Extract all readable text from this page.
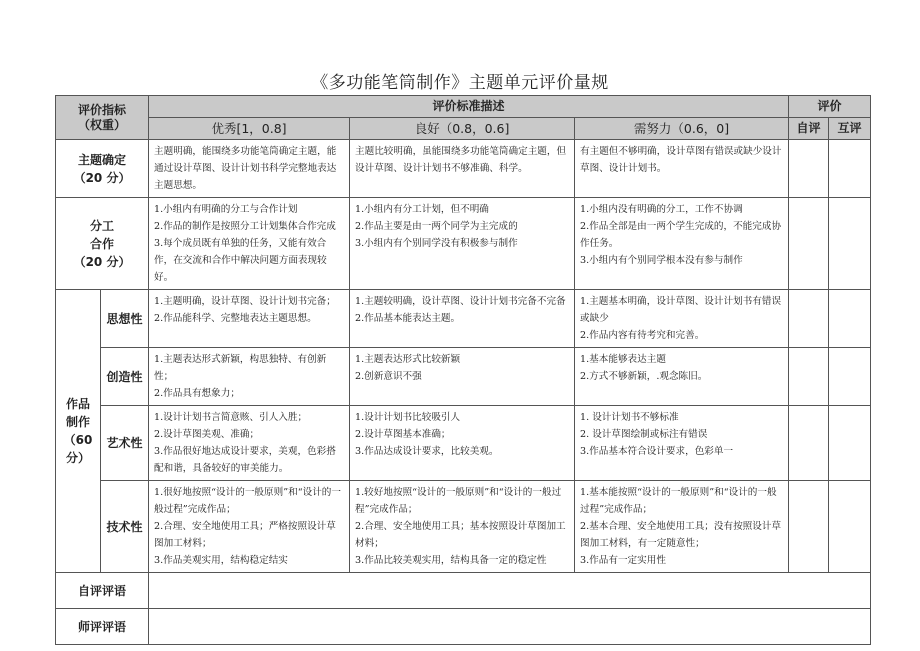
《多功能笔筒制作》主题单元评价量规
评价指标
（权重）		评价标准描述			评价	
		优秀[1，0.8]	良好（0.8，0.6]	需努力（0.6，0]	自评	互评

主题确定
（20 分）		主题明确，能围绕多功能笔筒确定主题，能通过设计草图、设计计划书科学完整地表达主题思想。	主题比较明确，虽能围绕多功能笔筒确定主题，但设计草图、设计计划书不够准确、科学。	有主题但不够明确，设计草图有错误或缺少设计草图、设计计划书。		

分工
合作
（20 分）		1.小组内有明确的分工与合作计划
2.作品的制作是按照分工计划集体合作完成
3.每个成员既有单独的任务，又能有效合作，在交流和合作中解决问题方面表现较好。	1.小组内有分工计划，但不明确
2.作品主要是由一两个同学为主完成的
3.小组内有个别同学没有积极参与制作	1.小组内没有明确的分工，工作不协调
2.作品全部是由一两个学生完成的，不能完成协作任务。
3.小组内有个别同学根本没有参与制作		

作品
制作
（60 分）	思想性	1.主题明确，设计草图、设计计划书完备；
2.作品能科学、完整地表达主题思想。	1.主题较明确，设计草图、设计计划书完备不完备
2.作品基本能表达主题。	1.主题基本明确，设计草图、设计计划书有错误或缺少
2.作品内容有待考究和完善。		

	创造性	1.主题表达形式新颖，构思独特、有创新性；
2.作品具有想象力；	1.主题表达形式比较新颖
2.创新意识不强	1.基本能够表达主题
2.方式不够新颖，.观念陈旧。		

	艺术性	1.设计计划书言简意赅、引人入胜；
2.设计草图美观、准确；
3.作品很好地达成设计要求，美观，色彩搭配和谐，具备较好的审美能力。	1.设计计划书比较吸引人
2.设计草图基本准确；
3.作品达成设计要求，比较美观。	1. 设计计划书不够标准
2. 设计草图绘制或标注有错误
3.作品基本符合设计要求，色彩单一		

	技术性	1.很好地按照“设计的一般原则”和“设计的一般过程”完成作品；
2.合理、安全地使用工具；严格按照设计草图加工材料；
3.作品美观实用，结构稳定结实	1.较好地按照“设计的一般原则”和“设计的一般过程”完成作品；
2.合理、安全地使用工具；基本按照设计草图加工材料；
3.作品比较美观实用，结构具备一定的稳定性	1.基本能按照“设计的一般原则”和“设计的一般过程”完成作品；
2.基本合理、安全地使用工具；没有按照设计草图加工材料，有一定随意性；
3.作品有一定实用性		

自评评语						
师评评语						
